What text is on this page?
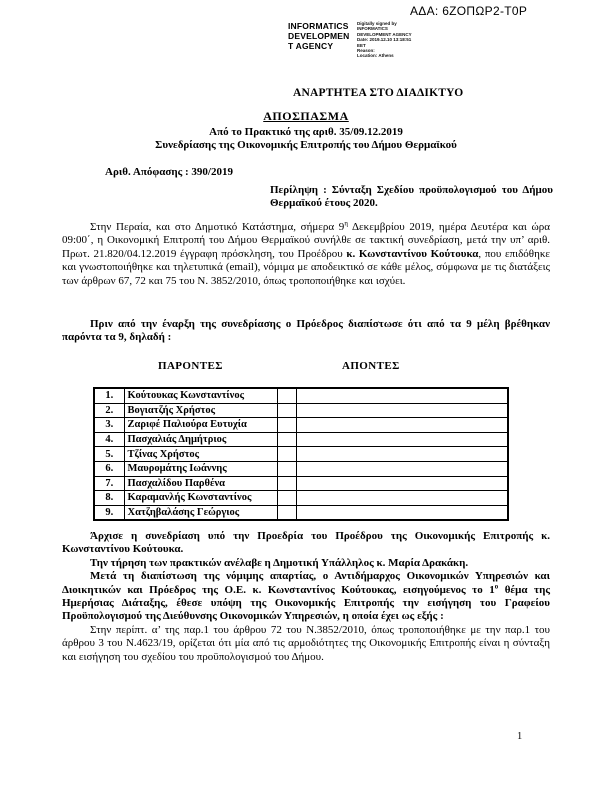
ΑΔΑ: 6ΖΟΠΩΡ2-Τ0Ρ
INFORMATICS
DEVELOPMEN
T AGENCY
Digitally signed by
INFORMATICS
DEVELOPMENT AGENCY
Date: 2019.12.10 13:18:51
EET
Reason:
Location: Athens
ΑΝΑΡΤΗΤΕΑ ΣΤΟ ΔΙΑΔΙΚΤΥΟ
ΑΠΟΣΠΑΣΜΑ
Από το Πρακτικό της αριθ. 35/09.12.2019
Συνεδρίασης της Οικονομικής Επιτροπής του Δήμου Θερμαϊκού
Αριθ. Απόφασης : 390/2019
Περίληψη : Σύνταξη Σχεδίου προϋπολογισμού του Δήμου Θερμαϊκού έτους 2020.

Στην Περαία, και στο Δημοτικό Κατάστημα, σήμερα $9^\eta$ Δεκεμβρίου 2019, ημέρα Δευτέρα και ώρα 09:00΄, η Οικονομική Επιτροπή του Δήμου Θερμαϊκού συνήλθε σε τακτική συνεδρίαση, μετά την υπ’ αριθ. Πρωτ. 21.820/04.12.2019 έγγραφη πρόσκληση, του Προέδρου κ. Κωνσταντίνου Κούτουκα, που επιδόθηκε και γνωστοποιήθηκε και τηλετυπικά (email), νόμιμα με αποδεικτικό σε κάθε μέλος, σύμφωνα με τις διατάξεις των άρθρων 67, 72 και 75 του Ν. 3852/2010, όπως τροποποιήθηκε και ισχύει.

Πριν από την έναρξη της συνεδρίασης ο Πρόεδρος διαπίστωσε ότι από τα 9 μέλη βρέθηκαν παρόντα τα 9, δηλαδή :

ΠΑΡΟΝΤΕΣ	ΑΠΟΝΤΕΣ
1.	Κούτουκας Κωνσταντίνος		
2.	Βογιατζής Χρήστος		
3.	Ζαριφέ Παλιούρα Ευτυχία		
4.	Πασχαλιάς Δημήτριος		
5.	Τζίνας Χρήστος		
6.	Μαυρομάτης Ιωάννης		
7.	Πασχαλίδου Παρθένα		
8.	Καραμανλής Κωνσταντίνος		
9.	Χατζηβαλάσης Γεώργιος		

Άρχισε η συνεδρίαση υπό την Προεδρία του Προέδρου της Οικονομικής Επιτροπής κ. Κωνσταντίνου Κούτουκα.

Την τήρηση των πρακτικών ανέλαβε η Δημοτική Υπάλληλος κ. Μαρία Δρακάκη.

Μετά τη διαπίστωση της νόμιμης απαρτίας, ο Αντιδήμαρχος Οικονομικών Υπηρεσιών και Διοικητικών και Πρόεδρος της Ο.Ε. κ. Κωνσταντίνος Κούτουκας, εισηγούμενος το $1^o$ θέμα της Ημερήσιας Διάταξης, έθεσε υπόψη της Οικονομικής Επιτροπής την εισήγηση του Γραφείου Προϋπολογισμού της Διεύθυνσης Οικονομικών Υπηρεσιών, η οποία έχει ως εξής :

Στην περίπτ. α’ της παρ.1 του άρθρου 72 του Ν.3852/2010, όπως τροποποιήθηκε με την παρ.1 του άρθρου 3 του Ν.4623/19, ορίζεται ότι μία από τις αρμοδιότητες της Οικονομικής Επιτροπής είναι η σύνταξη και εισήγηση του σχεδίου του προϋπολογισμού του Δήμου.

1
